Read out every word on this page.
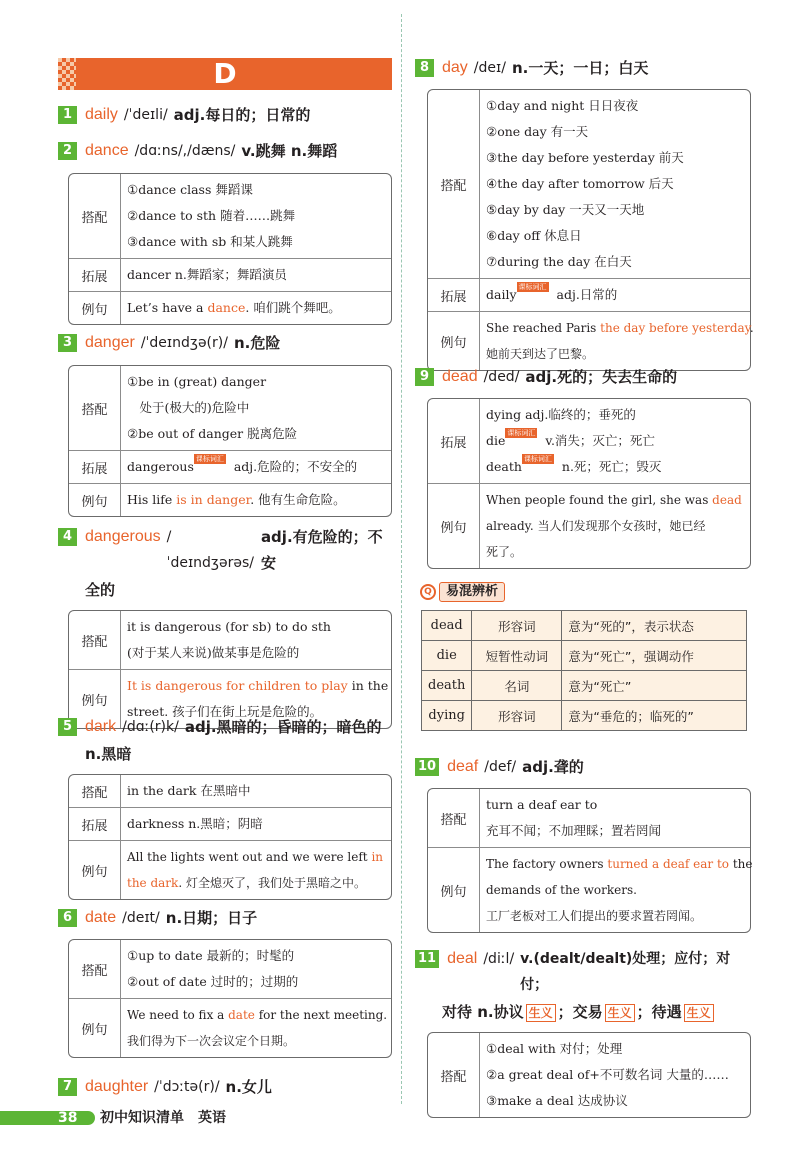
D
1 daily /ˈdeɪli/ adj.每日的；日常的
2 dance /dɑːns/,/dæns/ v.跳舞 n.舞蹈
搭配
①dance class 舞蹈课
②dance to sth 随着……跳舞
③dance with sb 和某人跳舞
拓展	dancer n.舞蹈家；舞蹈演员
例句	Let’s have a dance. 咱们跳个舞吧。
3 danger /ˈdeɪndʒə(r)/ n.危险
搭配
①be in (great) danger
　处于(极大的)危险中
②be out of danger 脱离危险
拓展	dangerous 课标词汇 adj.危险的；不安全的
例句	His life is in danger. 他有生命危险。
4 dangerous /ˈdeɪndʒərəs/
adj.有危险的；不安
全的
搭配
it is dangerous (for sb) to do sth
(对于某人来说)做某事是危险的
例句
It is dangerous for children to play in the
street. 孩子们在街上玩是危险的。
5 dark /dɑː(r)k/ adj.黑暗的；昏暗的；暗色的
n.黑暗
搭配	in the dark 在黑暗中
拓展	darkness n.黑暗；阴暗
例句
All the lights went out and we were left in
the dark. 灯全熄灭了，我们处于黑暗之中。
6 date /deɪt/ n.日期；日子
搭配
①up to date 最新的；时髦的
②out of date 过时的；过期的
例句
We need to fix a date for the next meeting.
我们得为下一次会议定个日期。
7 daughter /ˈdɔːtə(r)/ n.女儿
8 day /deɪ/ n.一天；一日；白天
搭配
①day and night 日日夜夜
②one day 有一天
③the day before yesterday 前天
④the day after tomorrow 后天
⑤day by day 一天又一天地
⑥day off 休息日
⑦during the day 在白天
拓展	daily 课标词汇 adj.日常的
例句
She reached Paris the day before yesterday.
她前天到达了巴黎。
9 dead /ded/ adj.死的；失去生命的
拓展
dying adj.临终的；垂死的
die 课标词汇 v.消失；灭亡；死亡
death 课标词汇 n.死；死亡；毁灭
例句
When people found the girl, she was dead
already. 当人们发现那个女孩时，她已经
死了。
Q	易混辨析
dead	形容词	意为“死的”，表示状态
die	短暂性动词	意为“死亡”，强调动作
death	名词	意为“死亡”
dying	形容词	意为“垂危的；临死的”
10 deaf /def/ adj.聋的
搭配
turn a deaf ear to
充耳不闻；不加理睬；置若罔闻
例句
The factory owners turned a deaf ear to the
demands of the workers.
工厂老板对工人们提出的要求置若罔闻。
11 deal /diːl/ v.(dealt/dealt)处理；应付；对付；
对待 n.协议 生义 ；交易 生义 ；待遇 生义
搭配
①deal with 对付；处理
②a great deal of+不可数名词 大量的……
③make a deal 达成协议
38 初中知识清单　英语
